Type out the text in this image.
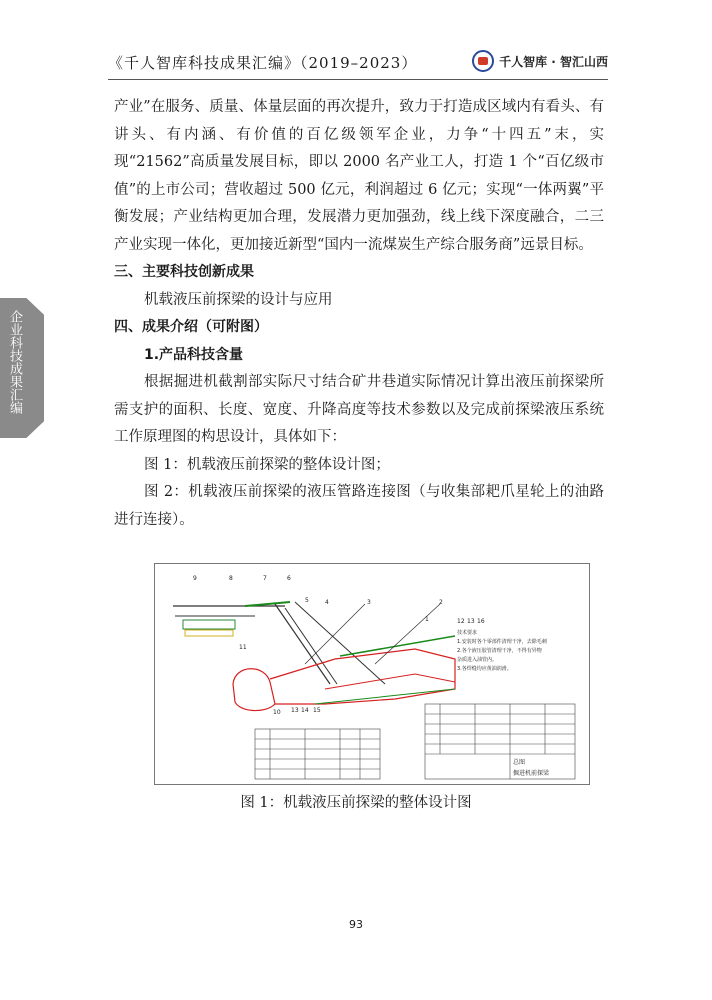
《千人智库科技成果汇编》（2019–2023）	千人智库 · 智汇山西
企业科技成果汇编

产业”在服务、质量、体量层面的再次提升，致力于打造成区域内有看头、有讲头、有内涵、有价值的百亿级领军企业，力争“十四五”末，实现“21562”高质量发展目标，即以 2000 名产业工人，打造 1 个“百亿级市值”的上市公司；营收超过 500 亿元，利润超过 6 亿元；实现“一体两翼”平衡发展；产业结构更加合理，发展潜力更加强劲，线上线下深度融合，二三产业实现一体化，更加接近新型“国内一流煤炭生产综合服务商”远景目标。

三、主要科技创新成果

机载液压前探梁的设计与应用

四、成果介绍（可附图）

1.产品科技含量

根据掘进机截割部实际尺寸结合矿井巷道实际情况计算出液压前探梁所需支护的面积、长度、宽度、升降高度等技术参数以及完成前探梁液压系统工作原理图的构思设计，具体如下：

图 1：机载液压前探梁的整体设计图；

图 2：机载液压前探梁的液压管路连接图（与收集部耙爪星轮上的油路进行连接）。

9	8	7	6
5	4	3	2
1	12 13 16
11
10 13 14 15
技术要求
1.安装时各个零部件清理干净，去除毛刺
2.各个液压胶管清理干净，不得有异物
杂质进入油管内。
3.各焊缝均应黄油润滑。
总图
掘进机前探梁
图 1：机载液压前探梁的整体设计图
93
